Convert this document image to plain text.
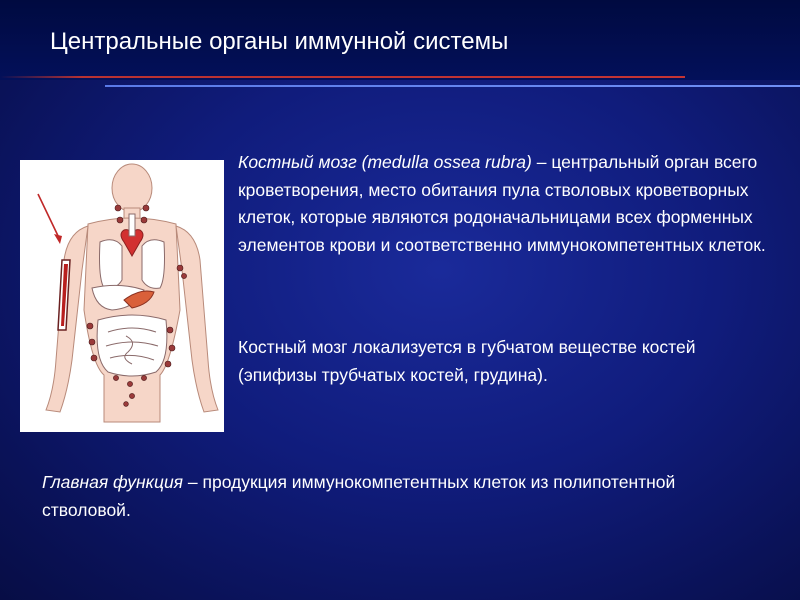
Центральные органы иммунной системы

Костный мозг (medulla ossea rubra) – центральный орган всего кроветворения, место обитания пула стволовых кроветворных клеток, которые являются родоначальницами всех форменных элементов крови и соответственно иммунокомпетентных клеток.

Костный мозг локализуется в губчатом веществе костей (эпифизы трубчатых костей, грудина).

Главная функция – продукция иммунокомпетентных клеток из полипотентной стволовой.
